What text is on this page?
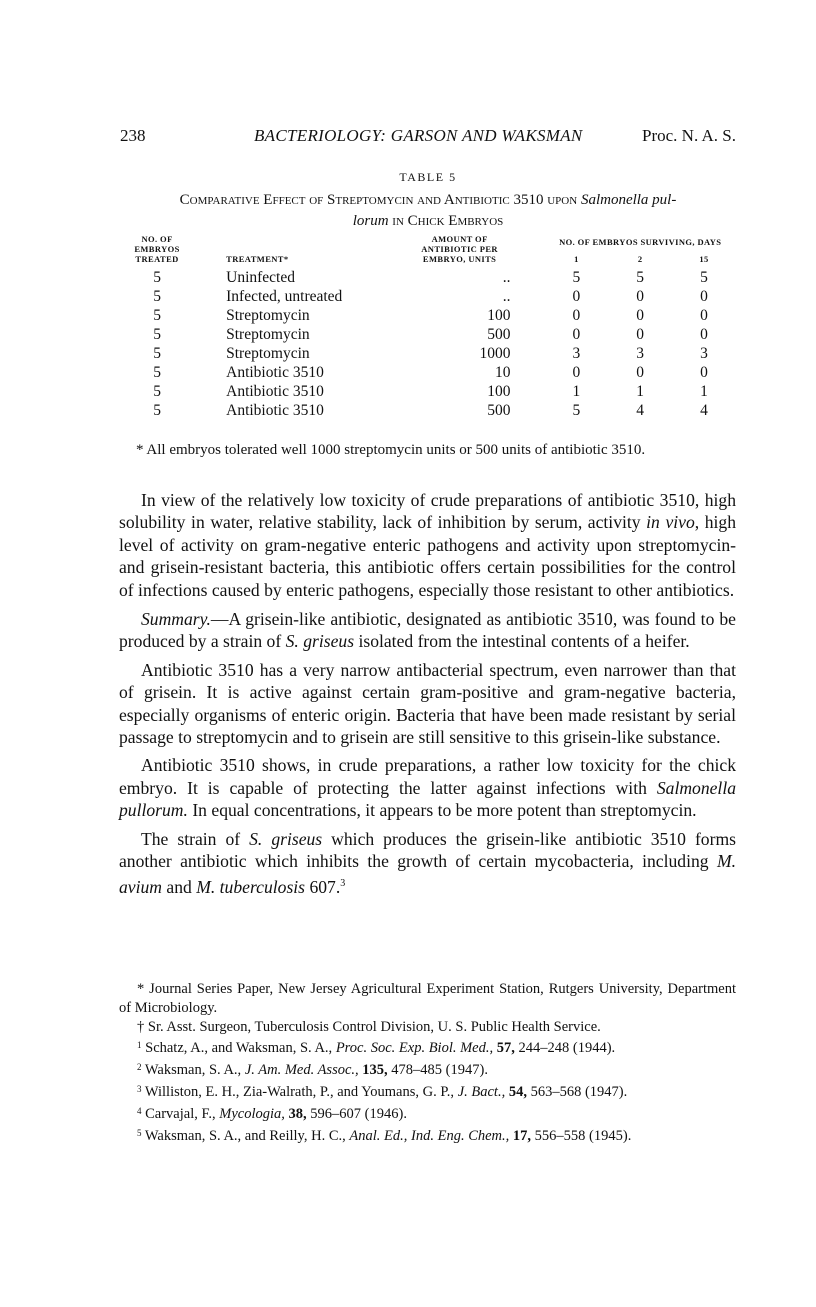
238	BACTERIOLOGY: GARSON AND WAKSMAN	Proc. N. A. S.
TABLE 5
Comparative Effect of Streptomycin and Antibiotic 3510 upon Salmonella pul-
lorum in Chick Embryos
NO. OF EMBRYOS TREATED	TREATMENT*	AMOUNT OF ANTIBIOTIC PER EMBRYO, UNITS	NO. OF EMBRYOS SURVIVING, DAYS		
			1	2	15
5	Uninfected	..	5	5	5
5	Infected, untreated	..	0	0	0
5	Streptomycin	100	0	0	0
5	Streptomycin	500	0	0	0
5	Streptomycin	1000	3	3	3
5	Antibiotic 3510	10	0	0	0
5	Antibiotic 3510	100	1	1	1
5	Antibiotic 3510	500	5	4	4
* All embryos tolerated well 1000 streptomycin units or 500 units of antibiotic 3510.

In view of the relatively low toxicity of crude preparations of antibiotic 3510, high solubility in water, relative stability, lack of inhibition by serum, activity in vivo, high level of activity on gram-negative enteric pathogens and activity upon streptomycin- and grisein-resistant bacteria, this antibiotic offers certain possibilities for the control of infections caused by enteric pathogens, especially those resistant to other antibiotics.

Summary.—A grisein-like antibiotic, designated as antibiotic 3510, was found to be produced by a strain of S. griseus isolated from the intestinal contents of a heifer.

Antibiotic 3510 has a very narrow antibacterial spectrum, even narrower than that of grisein. It is active against certain gram-positive and gram-negative bacteria, especially organisms of enteric origin. Bacteria that have been made resistant by serial passage to streptomycin and to grisein are still sensitive to this grisein-like substance.

Antibiotic 3510 shows, in crude preparations, a rather low toxicity for the chick embryo. It is capable of protecting the latter against infections with Salmonella pullorum. In equal concentrations, it appears to be more potent than streptomycin.

The strain of S. griseus which produces the grisein-like antibiotic 3510 forms another antibiotic which inhibits the growth of certain mycobacteria, including M. avium and M. tuberculosis 607.$^3$

* Journal Series Paper, New Jersey Agricultural Experiment Station, Rutgers University, Department of Microbiology.

† Sr. Asst. Surgeon, Tuberculosis Control Division, U. S. Public Health Service.

$^1$ Schatz, A., and Waksman, S. A., Proc. Soc. Exp. Biol. Med., 57, 244–248 (1944).

$^2$ Waksman, S. A., J. Am. Med. Assoc., 135, 478–485 (1947).

$^3$ Williston, E. H., Zia-Walrath, P., and Youmans, G. P., J. Bact., 54, 563–568 (1947).

$^4$ Carvajal, F., Mycologia, 38, 596–607 (1946).

$^5$ Waksman, S. A., and Reilly, H. C., Anal. Ed., Ind. Eng. Chem., 17, 556–558 (1945).
